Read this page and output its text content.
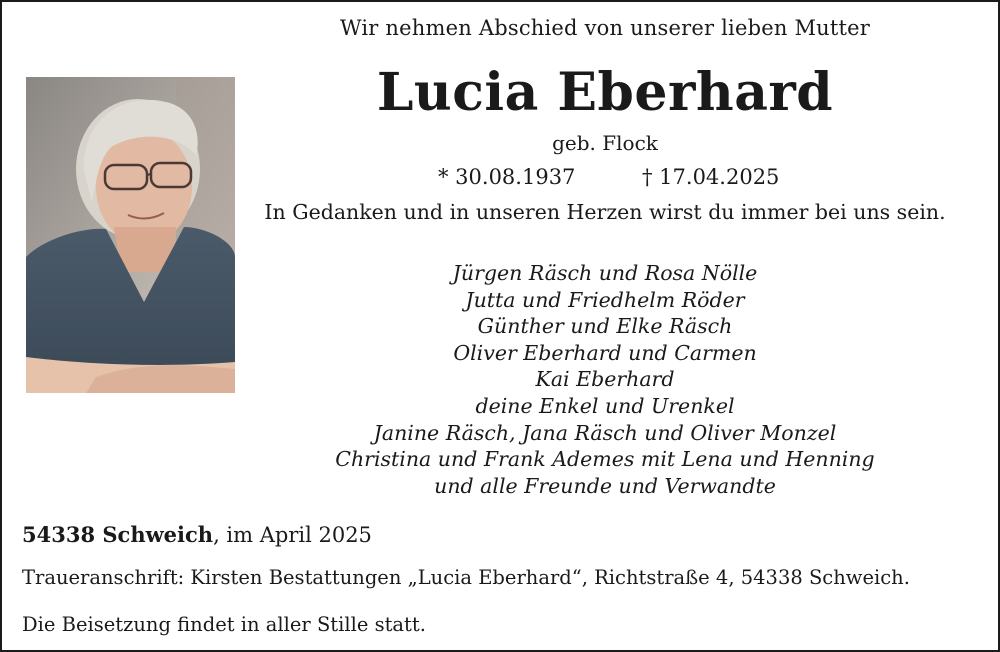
Wir nehmen Abschied von unserer lieben Mutter
Lucia Eberhard
geb. Flock
* 30.08.1937	† 17.04.2025
In Gedanken und in unseren Herzen wirst du immer bei uns sein.
Jürgen Räsch und Rosa Nölle
Jutta und Friedhelm Röder
Günther und Elke Räsch
Oliver Eberhard und Carmen
Kai Eberhard
deine Enkel und Urenkel
Janine Räsch, Jana Räsch und Oliver Monzel
Christina und Frank Ademes mit Lena und Henning
und alle Freunde und Verwandte
54338 Schweich, im April 2025
Traueranschrift: Kirsten Bestattungen „Lucia Eberhard“, Richtstraße 4, 54338 Schweich.
Die Beisetzung findet in aller Stille statt.
